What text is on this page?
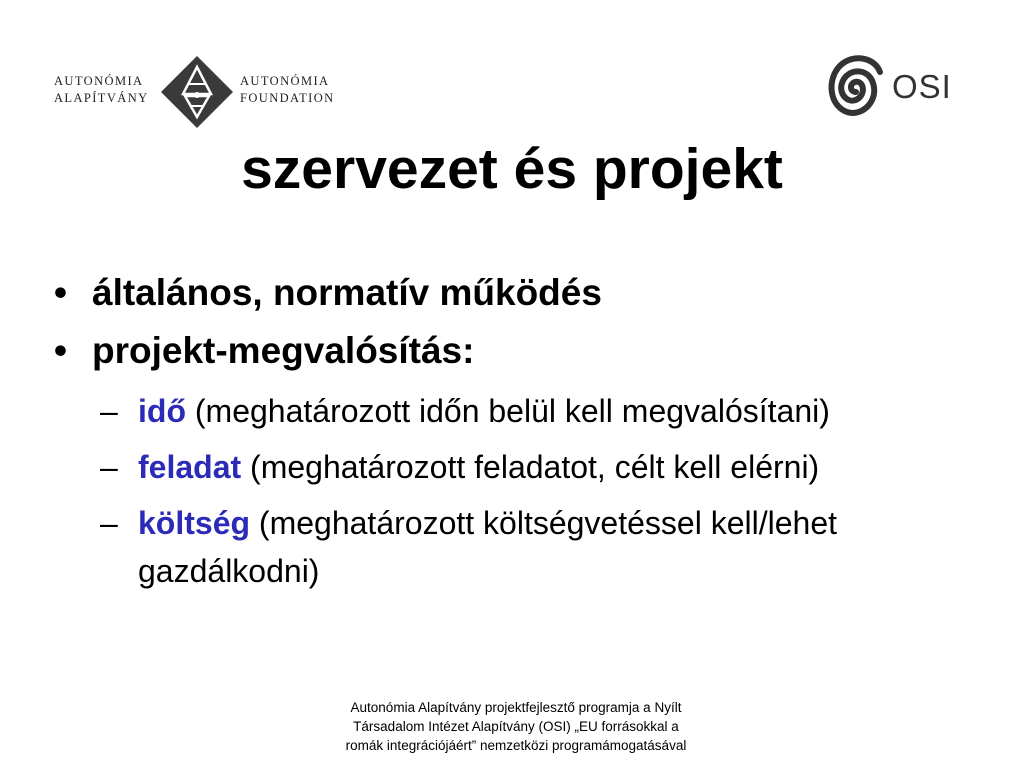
AUTONÓMIA
ALAPÍTVÁNY
AUTONÓMIA
FOUNDATION	OSI
szervezet és projekt
• általános, normatív működés
• projekt-megvalósítás:
– idő (meghatározott időn belül kell megvalósítani)
– feladat (meghatározott feladatot, célt kell elérni)
– költség (meghatározott költségvetéssel kell/lehet gazdálkodni)
Autonómia Alapítvány projektfejlesztő programja a Nyílt
Társadalom Intézet Alapítvány (OSI) „EU forrásokkal a
romák integrációjáért” nemzetközi programámogatásával
